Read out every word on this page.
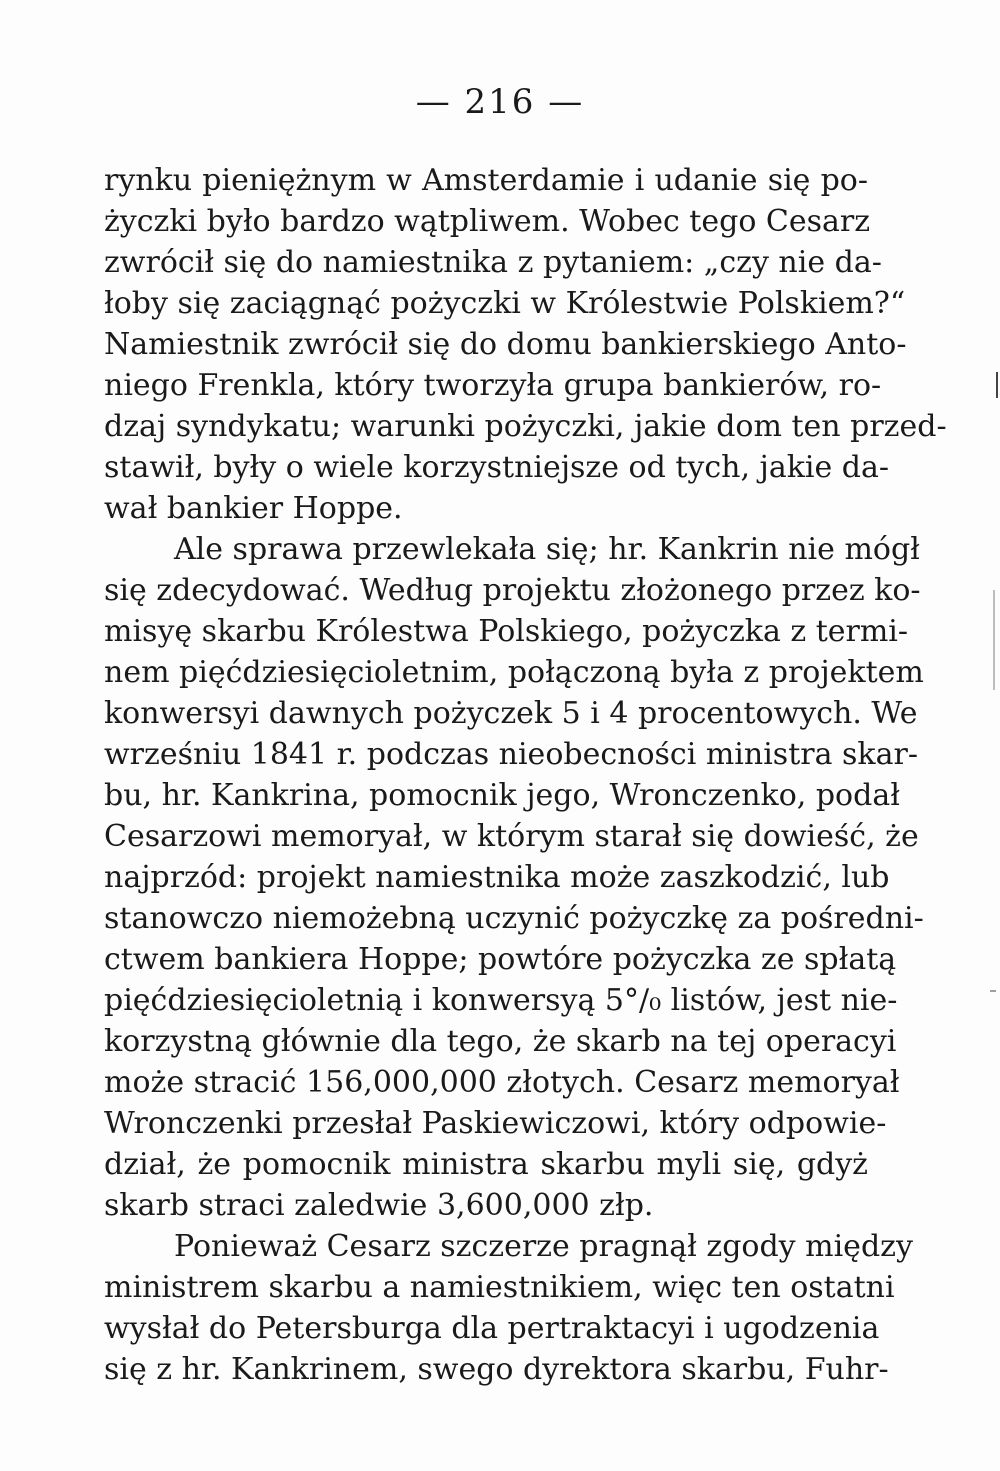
— 216 —
rynku pieniężnym w Amsterdamie i udanie się po-
życzki było bardzo wątpliwem. Wobec tego Cesarz
zwrócił się do namiestnika z pytaniem: „czy nie da-
łoby się zaciągnąć pożyczki w Królestwie Polskiem?“
Namiestnik zwrócił się do domu bankierskiego Anto-
niego Frenkla, który tworzyła grupa bankierów, ro-
dzaj syndykatu; warunki pożyczki, jakie dom ten przed-
stawił, były o wiele korzystniejsze od tych, jakie da-
wał bankier Hoppe.
Ale sprawa przewlekała się; hr. Kankrin nie mógł
się zdecydować. Według projektu złożonego przez ko-
misyę skarbu Królestwa Polskiego, pożyczka z termi-
nem pięćdziesięcioletnim, połączoną była z projektem
konwersyi dawnych pożyczek 5 i 4 procentowych. We
wrześniu 1841 r. podczas nieobecności ministra skar-
bu, hr. Kankrina, pomocnik jego, Wronczenko, podał
Cesarzowi memoryał, w którym starał się dowieść, że
najprzód: projekt namiestnika może zaszkodzić, lub
stanowczo niemożebną uczynić pożyczkę za pośredni-
ctwem bankiera Hoppe; powtóre pożyczka ze spłatą
pięćdziesięcioletnią i konwersyą 5°/₀ listów, jest nie-
korzystną głównie dla tego, że skarb na tej operacyi
może stracić 156,000,000 złotych. Cesarz memoryał
Wronczenki przesłał Paskiewiczowi, który odpowie-
dział, że pomocnik ministra skarbu myli się, gdyż
skarb straci zaledwie 3,600,000 złp.
Ponieważ Cesarz szczerze pragnął zgody między
ministrem skarbu a namiestnikiem, więc ten ostatni
wysłał do Petersburga dla pertraktacyi i ugodzenia
się z hr. Kankrinem, swego dyrektora skarbu, Fuhr-
